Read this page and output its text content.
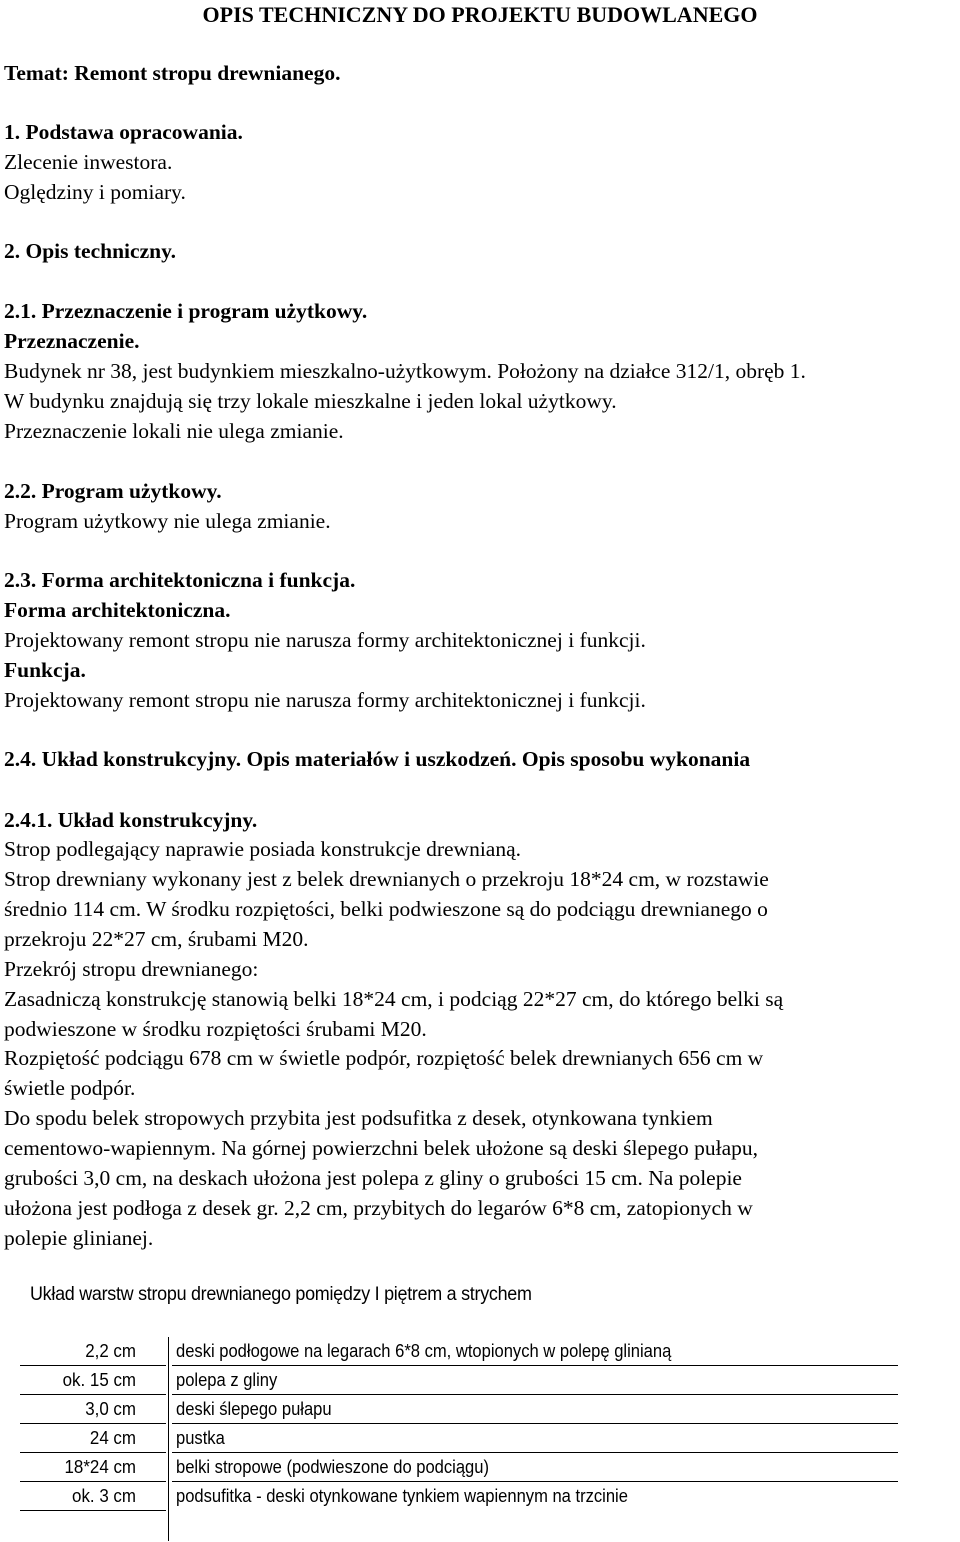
OPIS TECHNICZNY DO PROJEKTU BUDOWLANEGO
Temat: Remont stropu drewnianego.
1. Podstawa opracowania.
Zlecenie inwestora.
Oględziny i pomiary.
2. Opis techniczny.
2.1. Przeznaczenie i program użytkowy.
Przeznaczenie.
Budynek nr 38, jest budynkiem mieszkalno-użytkowym. Położony na działce 312/1, obręb 1.
W budynku znajdują się trzy lokale mieszkalne i jeden lokal użytkowy.
Przeznaczenie lokali nie ulega zmianie.
2.2. Program użytkowy.
Program użytkowy nie ulega zmianie.
2.3. Forma architektoniczna i funkcja.
Forma architektoniczna.
Projektowany remont stropu nie narusza formy architektonicznej i funkcji.
Funkcja.
Projektowany remont stropu nie narusza formy architektonicznej i funkcji.
2.4. Układ konstrukcyjny. Opis materiałów i uszkodzeń. Opis sposobu wykonania
2.4.1. Układ konstrukcyjny.
Strop podlegający naprawie posiada konstrukcje drewnianą.
Strop drewniany wykonany jest z belek drewnianych o przekroju 18*24 cm, w rozstawie
średnio 114 cm. W środku rozpiętości, belki podwieszone są do podciągu drewnianego o
przekroju 22*27 cm, śrubami M20.
Przekrój stropu drewnianego:
Zasadniczą konstrukcję stanowią belki 18*24 cm, i podciąg 22*27 cm, do którego belki są
podwieszone w środku rozpiętości śrubami M20.
Rozpiętość podciągu 678 cm w świetle podpór, rozpiętość belek drewnianych 656 cm w
świetle podpór.
Do spodu belek stropowych przybita jest podsufitka z desek, otynkowana tynkiem
cementowo-wapiennym. Na górnej powierzchni belek ułożone są deski ślepego pułapu,
grubości 3,0 cm, na deskach ułożona jest polepa z gliny o grubości 15 cm. Na polepie
ułożona jest podłoga z desek gr. 2,2 cm, przybitych do legarów 6*8 cm, zatopionych w
polepie glinianej.
Układ warstw stropu drewnianego pomiędzy I piętrem a strychem
2,2 cm deski podłogowe na legarach 6*8 cm, wtopionych w polepę glinianą
ok. 15 cm polepa z gliny
3,0 cm deski ślepego pułapu
24 cm pustka
18*24 cm belki stropowe (podwieszone do podciągu)
ok. 3 cm podsufitka - deski otynkowane tynkiem wapiennym na trzcinie
